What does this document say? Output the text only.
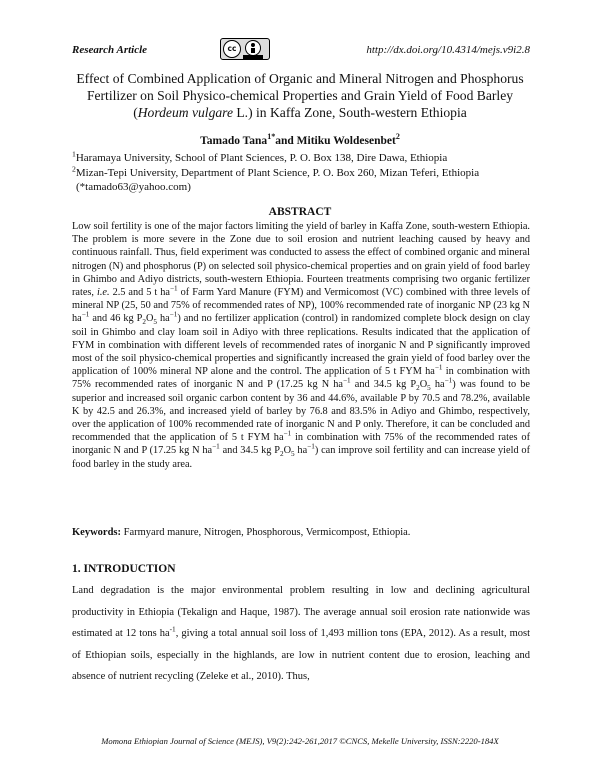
Research Article	cc	http://dx.doi.org/10.4314/mejs.v9i2.8
Effect of Combined Application of Organic and Mineral Nitrogen and Phosphorus
Fertilizer on Soil Physico-chemical Properties and Grain Yield of Food Barley
(Hordeum vulgare L.) in Kaffa Zone, South-western Ethiopia
Tamado Tana$^{1*}$and Mitiku Woldesenbet$^2$
$^1$Haramaya University, School of Plant Sciences, P. O. Box 138, Dire Dawa, Ethiopia
$^2$Mizan-Tepi University, Department of Plant Science, P. O. Box 260, Mizan Teferi, Ethiopia
(*tamado63@yahoo.com)
ABSTRACT
Low soil fertility is one of the major factors limiting the yield of barley in Kaffa Zone, south-western Ethiopia. The problem is more severe in the Zone due to soil erosion and nutrient leaching caused by heavy and continuous rainfall. Thus, field experiment was conducted to assess the effect of combined organic and mineral nitrogen (N) and phosphorus (P) on selected soil physico-chemical properties and on grain yield of food barley in Ghimbo and Adiyo districts, south-western Ethiopia. Fourteen treatments comprising two organic fertilizer rates, i.e. 2.5 and 5 t $ha^{-1}$ of Farm Yard Manure (FYM) and Vermicomost (VC) combined with three levels of mineral NP (25, 50 and 75% of recommended rates of NP), 100% recommended rate of inorganic NP (23 kg N $ha^{-1}$ and 46 kg $P_2O_5$ $ha^{-1}$) and no fertilizer application (control) in randomized complete block design on clay soil in Ghimbo and clay loam soil in Adiyo with three replications. Results indicated that the application of FYM in combination with different levels of recommended rates of inorganic N and P significantly improved most of the soil physico-chemical properties and significantly increased the grain yield of food barley over the application of 100% mineral NP alone and the control. The application of 5 t FYM $ha^{-1}$ in combination with 75% recommended rates of inorganic N and P (17.25 kg N $ha^{-1}$ and 34.5 kg $P_2O_5$ $ha^{-1}$) was found to be superior and increased soil organic carbon content by 36 and 44.6%, available P by 70.5 and 78.2%, available K by 42.5 and 26.3%, and increased yield of barley by 76.8 and 83.5% in Adiyo and Ghimbo, respectively, over the application of 100% recommended rate of inorganic N and P only. Therefore, it can be concluded and recommended that the application of 5 t FYM $ha^{-1}$ in combination with 75% of the recommended rates of inorganic N and P (17.25 kg N $ha^{-1}$ and 34.5 kg $P_2O_5$ $ha^{-1}$) can improve soil fertility and can increase yield of food barley in the study area.
Keywords: Farmyard manure, Nitrogen, Phosphorous, Vermicompost, Ethiopia.
1. INTRODUCTION
Land degradation is the major environmental problem resulting in low and declining agricultural productivity in Ethiopia (Tekalign and Haque, 1987). The average annual soil erosion rate nationwide was estimated at 12 tons $ha^{-1}$, giving a total annual soil loss of 1,493 million tons (EPA, 2012). As a result, most of Ethiopian soils, especially in the highlands, are low in nutrient content due to erosion, leaching and absence of nutrient recycling (Zeleke et al., 2010). Thus,
Momona Ethiopian Journal of Science (MEJS), V9(2):242-261,2017 ©CNCS, Mekelle University, ISSN:2220-184X
